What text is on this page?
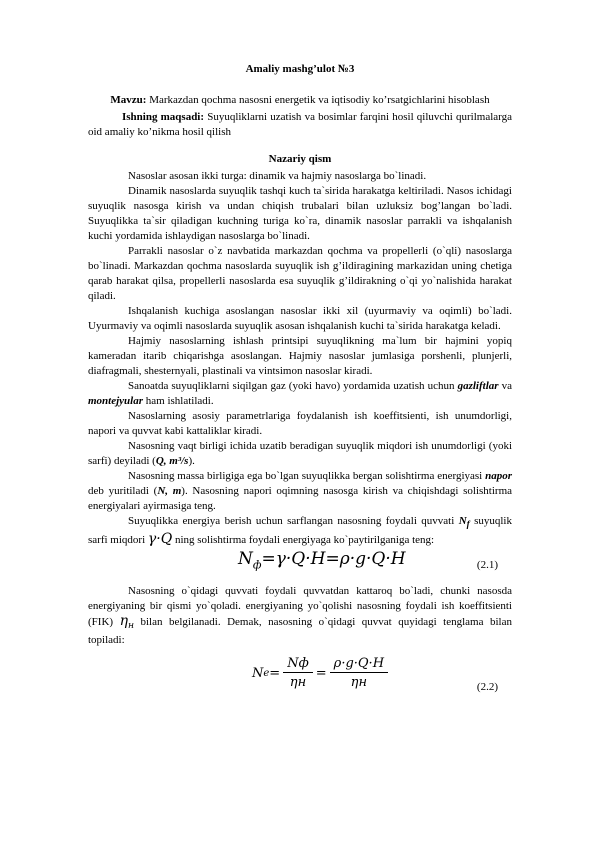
Amaliy mashg’ulot №3
Mavzu: Markazdan qochma nasosni energetik va iqtisodiy ko’rsatgichlarini hisoblash
Ishning maqsadi: Suyuqliklarni uzatish va bosimlar farqini hosil qiluvchi qurilmalarga oid amaliy ko’nikma hosil qilish
Nazariy qism

Nasoslar asosan ikki turga: dinamik va hajmiy nasoslarga bo`linadi.

Dinamik nasoslarda suyuqlik tashqi kuch ta`sirida harakatga keltiriladi. Nasos ichidagi suyuqlik nasosga kirish va undan chiqish trubalari bilan uzluksiz bog’langan bo`ladi. Suyuqlikka ta`sir qiladigan kuchning turiga ko`ra, dinamik nasoslar parrakli va ishqalanish kuchi yordamida ishlaydigan nasoslarga bo`linadi.

Parrakli nasoslar o`z navbatida markazdan qochma va propellerli (o`qli) nasoslarga bo`linadi. Markazdan qochma nasoslarda suyuqlik ish g’ildiragining markazidan uning chetiga qarab harakat qilsa, propellerli nasoslarda esa suyuqlik g’ildirakning o`qi yo`nalishida harakat qiladi.

Ishqalanish kuchiga asoslangan nasoslar ikki xil (uyurmaviy va oqimli) bo`ladi. Uyurmaviy va oqimli nasoslarda suyuqlik asosan ishqalanish kuchi ta`sirida harakatga keladi.

Hajmiy nasoslarning ishlash printsipi suyuqlikning ma`lum bir hajmini yopiq kameradan itarib chiqarishga asoslangan. Hajmiy nasoslar jumlasiga porshenli, plunjerli, diafragmali, shesternyali, plastinali va vintsimon nasoslar kiradi.

Sanoatda suyuqliklarni siqilgan gaz (yoki havo) yordamida uzatish uchun gazliftlar va montejyular ham ishlatiladi.

Nasoslarning asosiy parametrlariga foydalanish ish koeffitsienti, ish unumdorligi, napori va quvvat kabi kattaliklar kiradi.

Nasosning vaqt birligi ichida uzatib beradigan suyuqlik miqdori ish unumdorligi (yoki sarfi) deyiladi (Q, m³/s).

Nasosning massa birligiga ega bo`lgan suyuqlikka bergan solishtirma energiyasi napor deb yuritiladi (N, m). Nasosning napori oqimning nasosga kirish va chiqishdagi solishtirma energiyalari ayirmasiga teng.

Suyuqlikka energiya berish uchun sarflangan nasosning foydali quvvati $N_f$ suyuqlik sarfi miqdori γ·Q ning solishtirma foydali energiyaga ko`paytirilganiga teng:

$N_ф=\gamma\cdot Q\cdot H=\rho\cdot g\cdot Q\cdot H$	(2.1)

Nasosning o`qidagi quvvati foydali quvvatdan kattaroq bo`ladi, chunki nasosda energiyaning bir qismi yo`qoladi. energiyaning yo`qolishi nasosning foydali ish koeffitsienti (FIK) $\eta_н$ bilan belgilanadi. Demak, nasosning o`qidagi quvvat quyidagi tenglama bilan topiladi:

N $e = \frac{Nф}{\eta н} = \frac{\rho\cdot g\cdot Q\cdot H}{\eta н}$	(2.2)
